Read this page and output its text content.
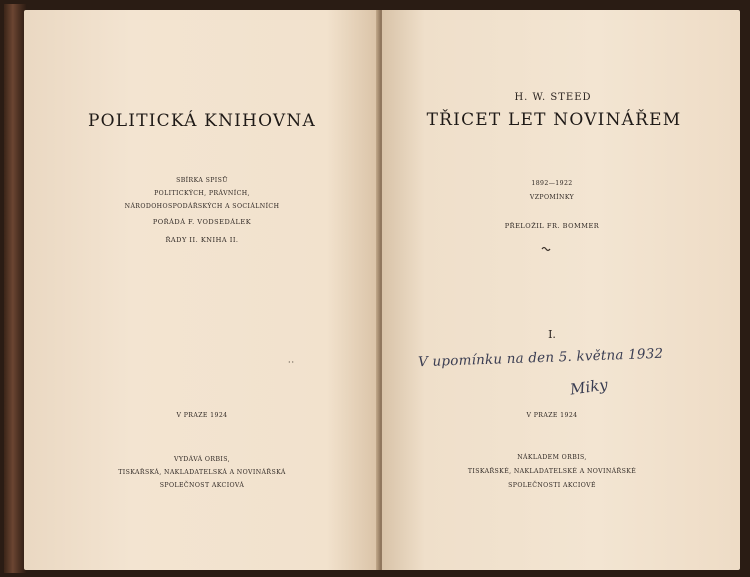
POLITICKÁ KNIHOVNA
SBÍRKA SPISŮ
POLITICKÝCH, PRÁVNÍCH,
NÁRODOHOSPODÁŘSKÝCH A SOCIÁLNÍCH
POŘÁDÁ F. VODSEDÁLEK
ŘADY II. KNIHA II.
··
V PRAZE 1924
VYDÁVÁ ORBIS,
TISKAŘSKÁ, NAKLADATELSKÁ A NOVINÁŘSKÁ
SPOLEČNOST AKCIOVÁ
H. W. STEED
TŘICET LET NOVINÁŘEM
1892—1922
VZPOMÍNKY
PŘELOŽIL FR. BOMMER
I.
V PRAZE 1924
NÁKLADEM ORBIS,
TISKAŘSKÉ, NAKLADATELSKÉ A NOVINÁŘSKÉ
SPOLEČNOSTI AKCIOVÉ
V upomínku na den 5. května 1932
Miky
